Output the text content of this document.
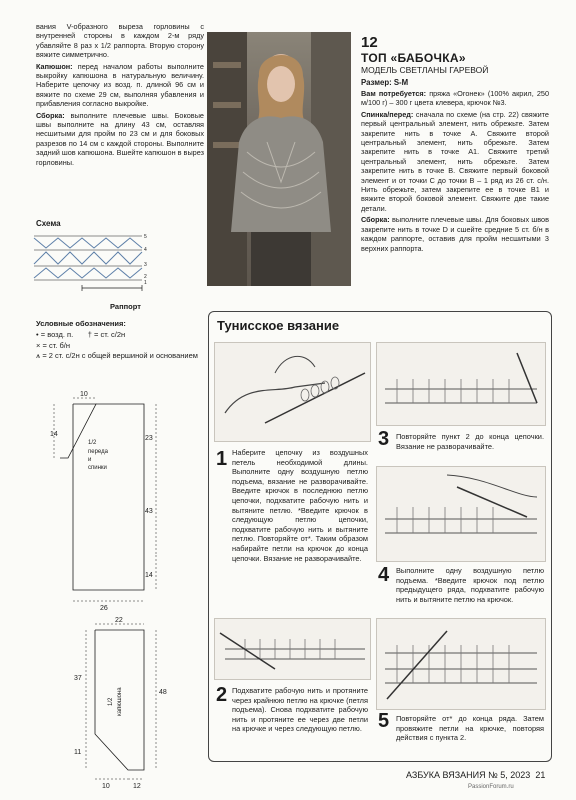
вания V-образного выреза горловины с внутренней стороны в каждом 2-м ряду убавляйте 8 раз х 1/2 раппорта. Вторую сторону вяжите симметрично.

Капюшон: перед началом работы выполните выкройку капюшона в натуральную величину. Наберите цепочку из возд. п. длиной 96 см и вяжите по схеме 29 см, выполняя убавления и прибавления согласно выкройке.

Сборка: выполните плечевые швы. Боковые швы выполните на длину 43 см, оставляя несшитыми для пройм по 23 см и для боковых разрезов по 14 см с каждой стороны. Выполните задний шов капюшона. Вшейте капюшон в вырез горловины.

Схема
5
4
3
2
1
Раппорт
Условные обозначения:
• = возд. п. † = ст. с/2н
× = ст. б/н
⩚ = 2 ст. с/2н с общей вершиной и основанием
10
14
23
43
14
26
1/2
переда
и
спинки
22
37
11
48
10	12
1/2 капюшона
12
ТОП «БАБОЧКА»
МОДЕЛЬ СВЕТЛАНЫ ГАРЕВОЙ
Размер: S-M
Вам потребуется: пряжа «Огонек» (100% акрил, 250 м/100 г) – 300 г цвета клевера, крючок №3.
Спинка/перед: сначала по схеме (на стр. 22) свяжите первый центральный элемент, нить обрежьте. Затем закрепите нить в точке А. Свяжите второй центральный элемент, нить обрежьте. Затем закрепите нить в точке А1. Свяжите третий центральный элемент, нить обрежьте. Затем закрепите нить в точке В. Свяжите первый боковой элемент и от точки С до точки В – 1 ряд из 26 ст. с/н. Нить обрежьте, затем закрепите ее в точке В1 и вяжите второй боковой элемент. Свяжите две такие детали.
Сборка: выполните плечевые швы. Для боковых швов закрепите нить в точке D и сшейте средние 5 ст. б/н в каждом раппорте, оставив для пройм несшитыми 3 верхних раппорта.
Тунисское вязание
1 Наберите цепочку из воздушных петель необходимой длины. Выполните одну воздушную петлю подъема, вязание не разворачивайте. Введите крючок в последнюю петлю цепочки, подхватите рабочую нить и вытяните петлю. *Введите крючок в следующую петлю цепочки, подхватите рабочую нить и вытяните петлю. Повторяйте от*. Таким образом набирайте петли на крючок до конца цепочки. Вязание не разворачивайте.
2 Подхватите рабочую нить и протяните через крайнюю петлю на крючке (петля подъема). Снова подхватите рабочую нить и протяните ее через две петли на крючке и через следующую петлю.
3 Повторяйте пункт 2 до конца цепочки. Вязание не разворачивайте.
4 Выполните одну воздушную петлю подъема. *Введите крючок под петлю предыдущего ряда, подхватите рабочую нить и вытяните петлю на крючок.
5 Повторяйте от* до конца ряда. Затем провяжите петли на крючке, повторяя действия с пункта 2.
АЗБУКА ВЯЗАНИЯ № 5, 2023 21
PassionForum.ru
